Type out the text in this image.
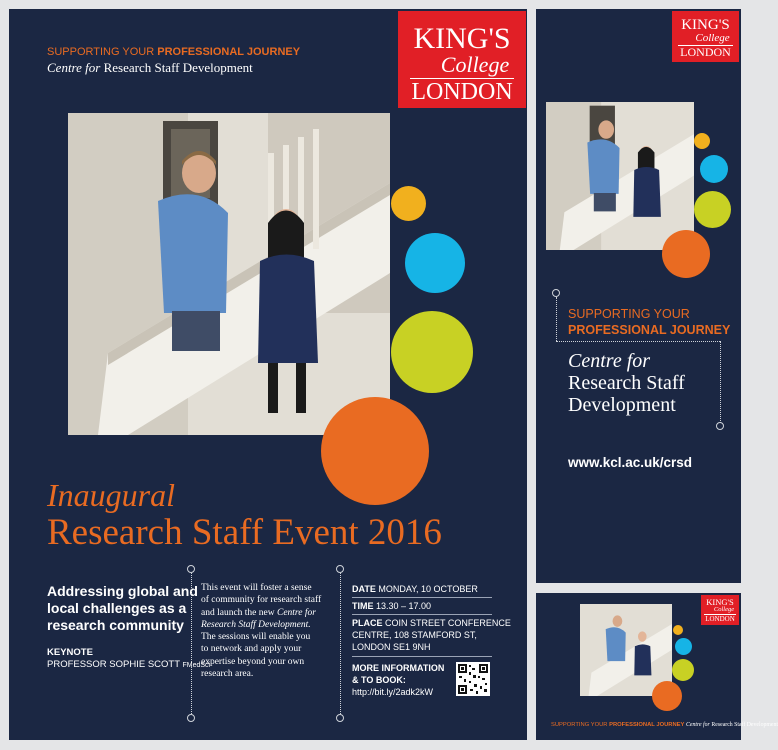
KING'S
College
LONDON
SUPPORTING YOUR PROFESSIONAL JOURNEY
Centre for Research Staff Development
Inaugural
Research Staff Event 2016
Addressing global and
local challenges as a
research community
KEYNOTE
PROFESSOR SOPHIE SCOTT FMedSci
This event will foster a sense
of community for research staff
and launch the new Centre for
Research Staff Development.
The sessions will enable you
to network and apply your
expertise beyond your own
research area.
DATE MONDAY, 10 OCTOBER
TIME 13.30 – 17.00
PLACE COIN STREET CONFERENCE
CENTRE, 108 STAMFORD ST,
LONDON SE1 9NH
MORE INFORMATION
& TO BOOK:
http://bit.ly/2adk2kW
KING'S
College
LONDON
SUPPORTING YOUR
PROFESSIONAL JOURNEY
Centre for
Research Staff
Development
www.kcl.ac.uk/crsd
KING'S
College
LONDON
SUPPORTING YOUR PROFESSIONAL JOURNEY Centre for Research Staff Development
